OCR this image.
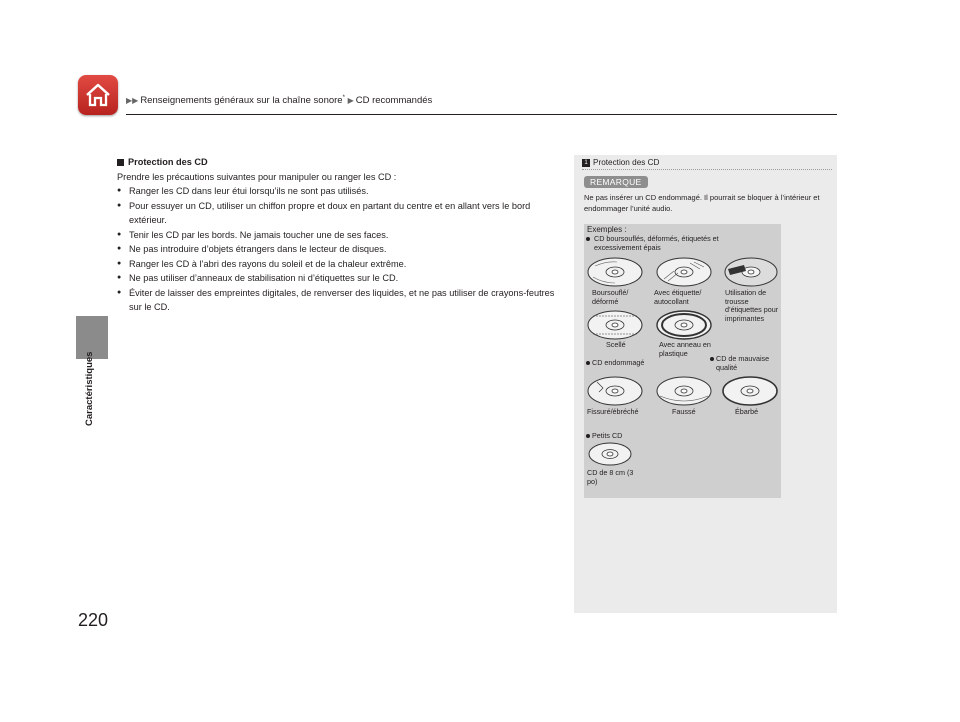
▶▶ Renseignements généraux sur la chaîne sonore* ▶ CD recommandés
Caractéristiques
Protection des CD
Prendre les précautions suivantes pour manipuler ou ranger les CD :
● Ranger les CD dans leur étui lorsqu’ils ne sont pas utilisés.
● Pour essuyer un CD, utiliser un chiffon propre et doux en partant du centre et en allant vers le bord extérieur.
● Tenir les CD par les bords. Ne jamais toucher une de ses faces.
● Ne pas introduire d’objets étrangers dans le lecteur de disques.
● Ranger les CD à l’abri des rayons du soleil et de la chaleur extrême.
● Ne pas utiliser d’anneaux de stabilisation ni d’étiquettes sur le CD.
● Éviter de laisser des empreintes digitales, de renverser des liquides, et ne pas utiliser de crayons-feutres sur le CD.
1 Protection des CD
REMARQUE
Ne pas insérer un CD endommagé. Il pourrait se bloquer à l’intérieur et endommager l’unité audio.
Exemples :
CD boursouflés, déformés, étiquetés et excessivement épais
Boursouflé/ déformé
Avec étiquette/ autocollant
Utilisation de trousse d’étiquettes pour imprimantes
Scellé	Avec anneau en plastique
CD endommagé	CD de mauvaise qualité
Fissuré/ébréché	Faussé	Ébarbé
Petits CD
CD de 8 cm (3 po)
220
